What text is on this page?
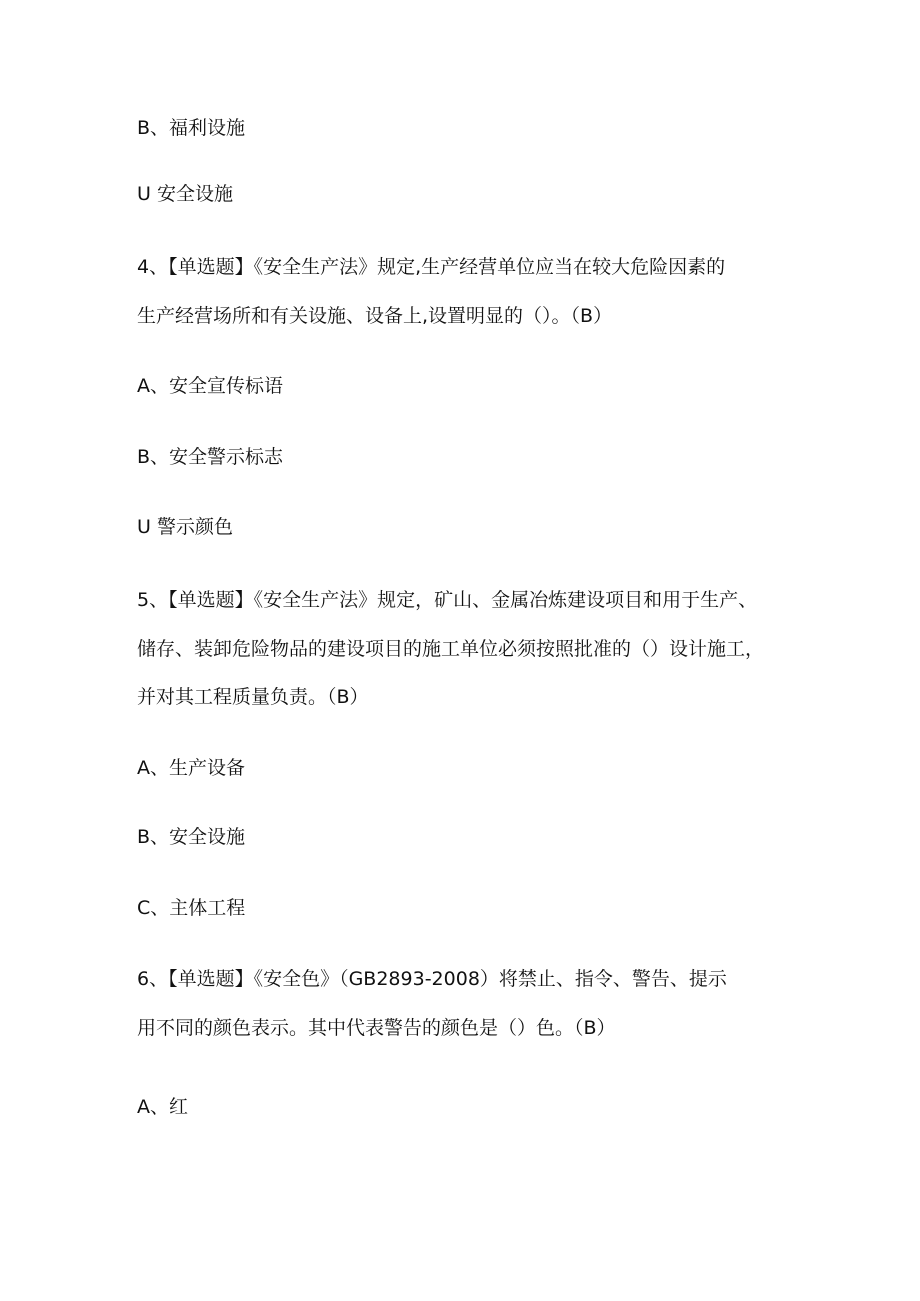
B、福利设施
U 安全设施
4、【单选题】《安全生产法》规定,生产经营单位应当在较大危险因素的
生产经营场所和有关设施、设备上,设置明显的（）。（B）
A、安全宣传标语
B、安全警示标志
U 警示颜色
5、【单选题】《安全生产法》规定，矿山、金属冶炼建设项目和用于生产、
储存、装卸危险物品的建设项目的施工单位必须按照批准的（）设计施工，
并对其工程质量负责。（B）
A、生产设备
B、安全设施
C、主体工程
6、【单选题】《安全色》（GB2893-2008）将禁止、指令、警告、提示
用不同的颜色表示。其中代表警告的颜色是（）色。（B）
A、红
